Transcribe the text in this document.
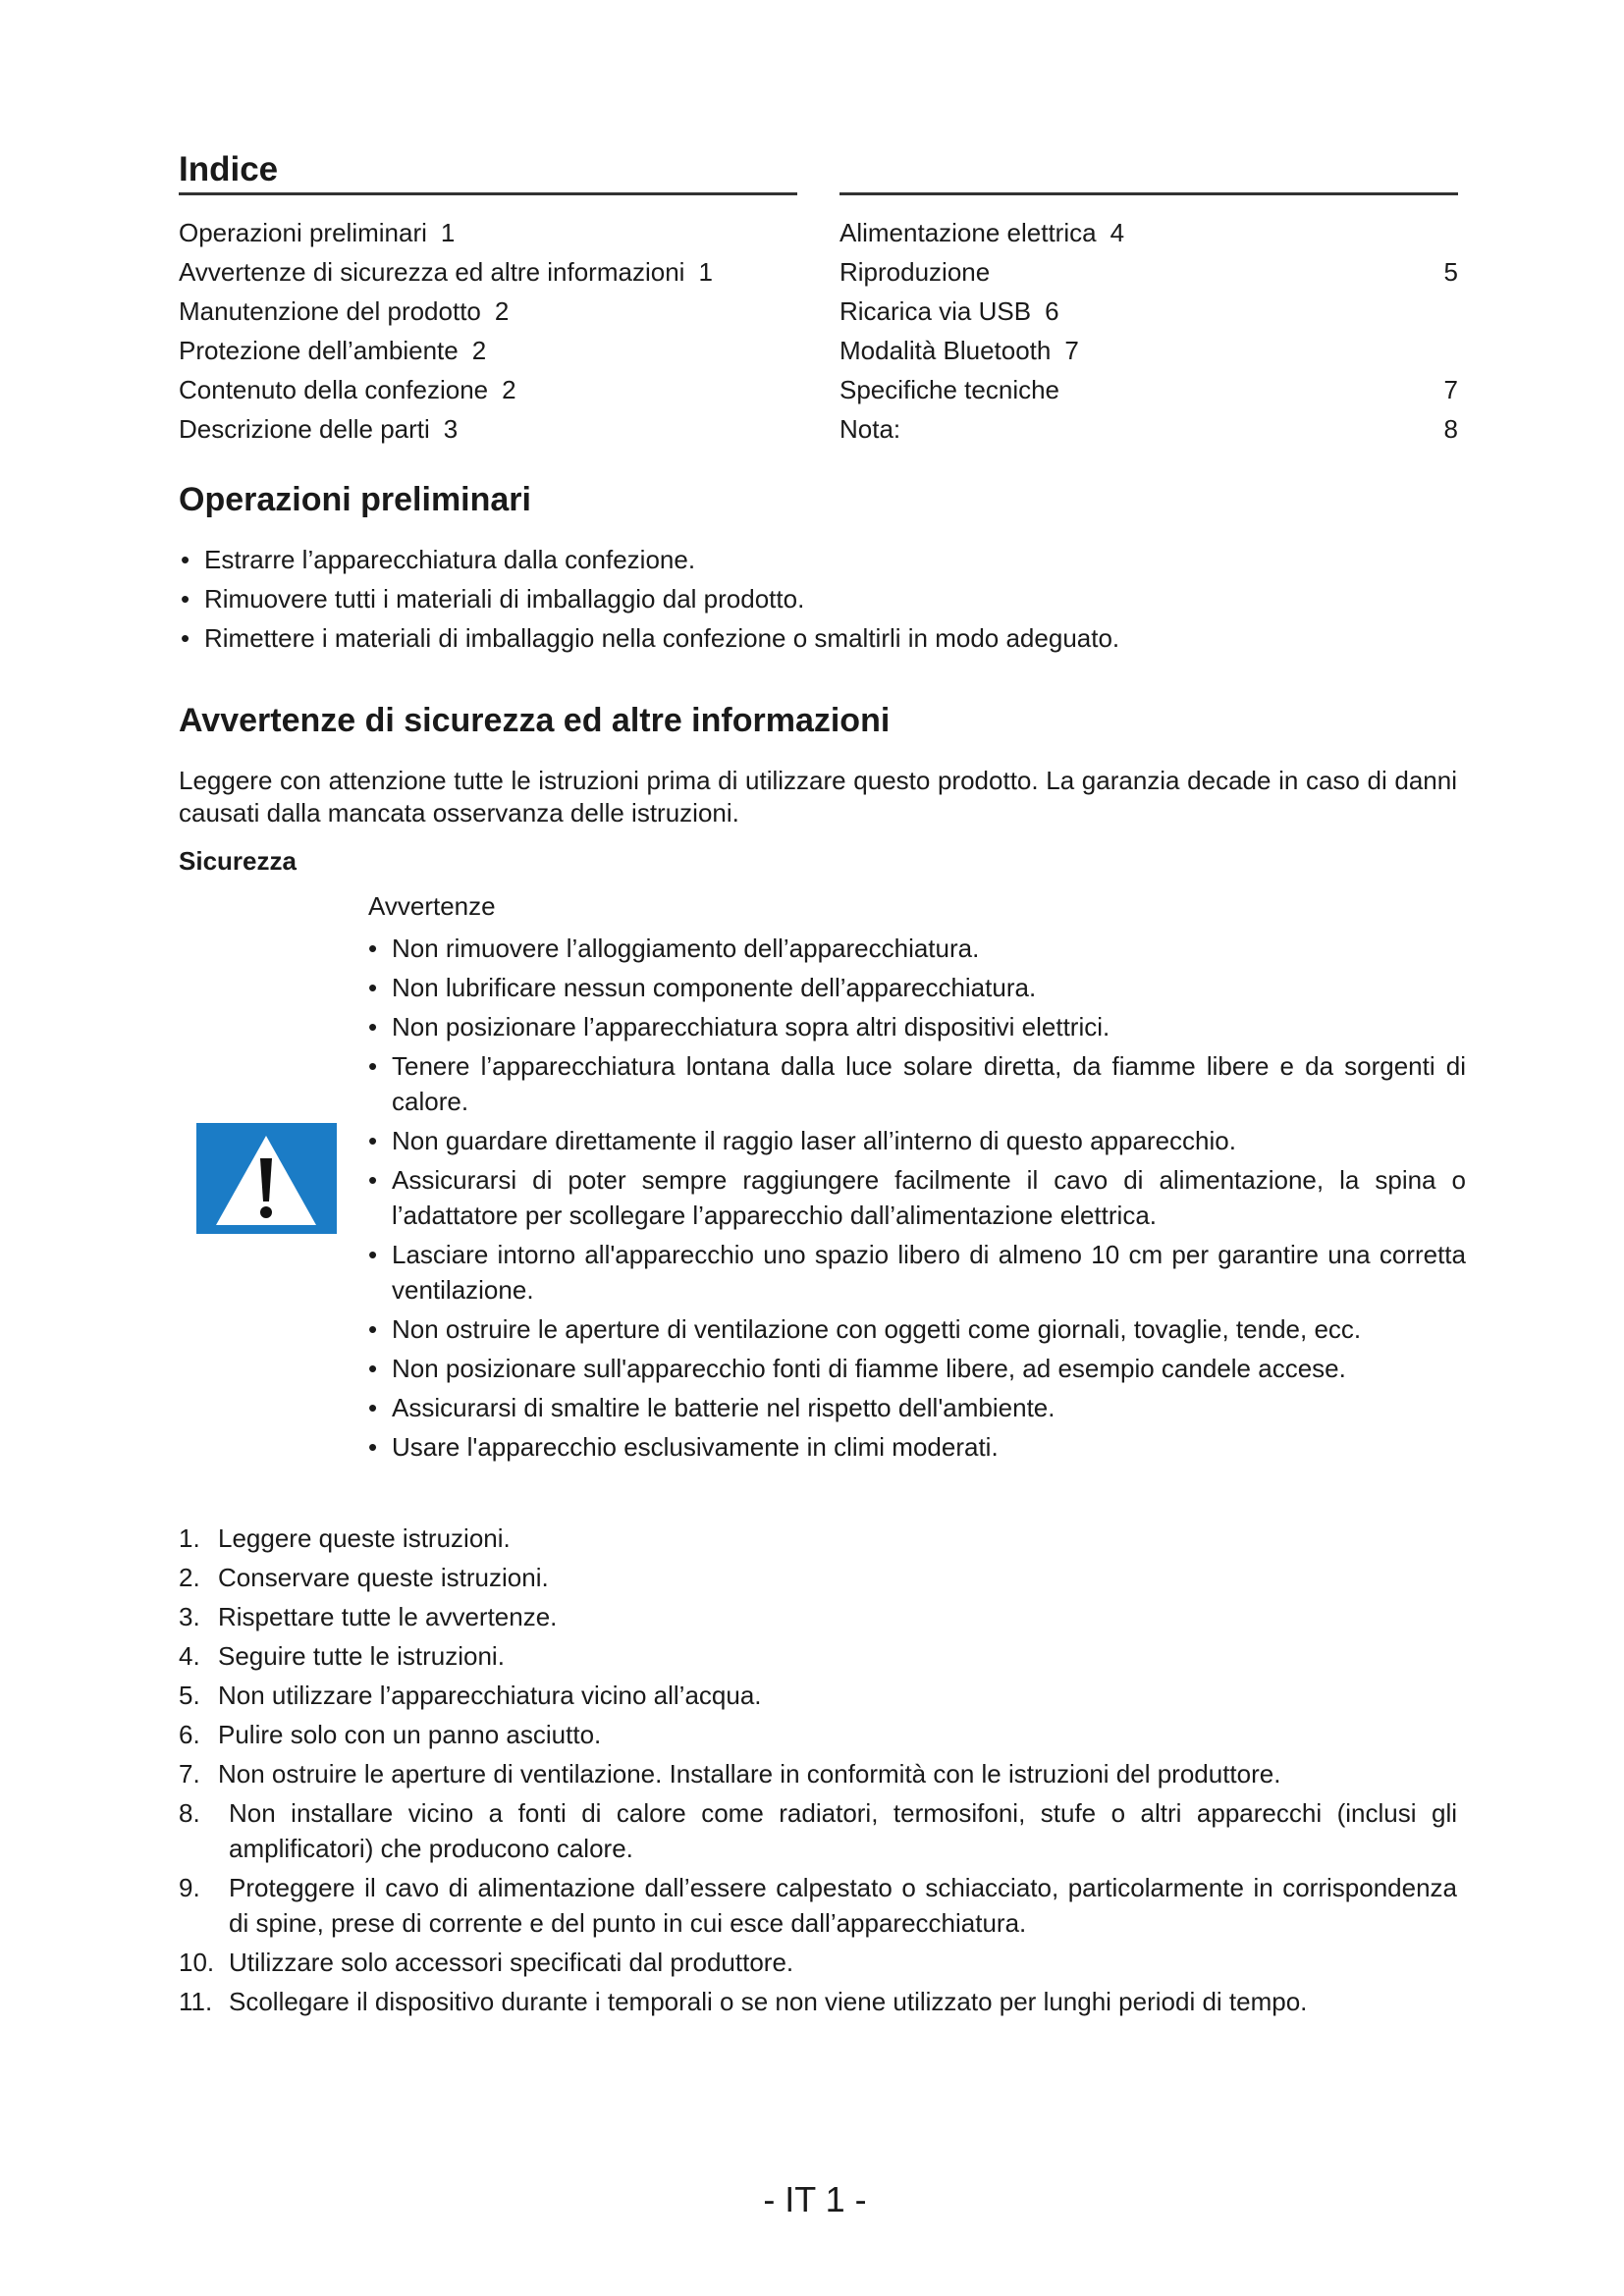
Indice
Operazioni preliminari 1
Avvertenze di sicurezza ed altre informazioni 1
Manutenzione del prodotto 2
Protezione dell’ambiente 2
Contenuto della confezione 2
Descrizione delle parti 3
Alimentazione elettrica 4
Riproduzione	5
Ricarica via USB 6
Modalità Bluetooth 7
Specifiche tecniche	7
Nota:	8
Operazioni preliminari
• Estrarre l’apparecchiatura dalla confezione.
• Rimuovere tutti i materiali di imballaggio dal prodotto.
• Rimettere i materiali di imballaggio nella confezione o smaltirli in modo adeguato.
Avvertenze di sicurezza ed altre informazioni
Leggere con attenzione tutte le istruzioni prima di utilizzare questo prodotto. La garanzia decade in caso di danni causati dalla mancata osservanza delle istruzioni.
Sicurezza
Avvertenze
• Non rimuovere l’alloggiamento dell’apparecchiatura.
• Non lubrificare nessun componente dell’apparecchiatura.
• Non posizionare l’apparecchiatura sopra altri dispositivi elettrici.
• Tenere l’apparecchiatura lontana dalla luce solare diretta, da fiamme libere e da sorgenti di calore.
• Non guardare direttamente il raggio laser all’interno di questo apparecchio.
• Assicurarsi di poter sempre raggiungere facilmente il cavo di alimentazione, la spina o l’adattatore per scollegare l’apparecchio dall’alimentazione elettrica.
• Lasciare intorno all'apparecchio uno spazio libero di almeno 10 cm per garantire una corretta ventilazione.
• Non ostruire le aperture di ventilazione con oggetti come giornali, tovaglie, tende, ecc.
• Non posizionare sull'apparecchio fonti di fiamme libere, ad esempio candele accese.
• Assicurarsi di smaltire le batterie nel rispetto dell'ambiente.
• Usare l'apparecchio esclusivamente in climi moderati.
1. Leggere queste istruzioni.
2. Conservare queste istruzioni.
3. Rispettare tutte le avvertenze.
4. Seguire tutte le istruzioni.
5. Non utilizzare l’apparecchiatura vicino all’acqua.
6. Pulire solo con un panno asciutto.
7. Non ostruire le aperture di ventilazione. Installare in conformità con le istruzioni del produttore.
8. Non installare vicino a fonti di calore come radiatori, termosifoni, stufe o altri apparecchi (inclusi gli amplificatori) che producono calore.
9. Proteggere il cavo di alimentazione dall’essere calpestato o schiacciato, particolarmente in corrispondenza di spine, prese di corrente e del punto in cui esce dall’apparecchiatura.
10. Utilizzare solo accessori specificati dal produttore.
11. Scollegare il dispositivo durante i temporali o se non viene utilizzato per lunghi periodi di tempo.
- IT 1 -
